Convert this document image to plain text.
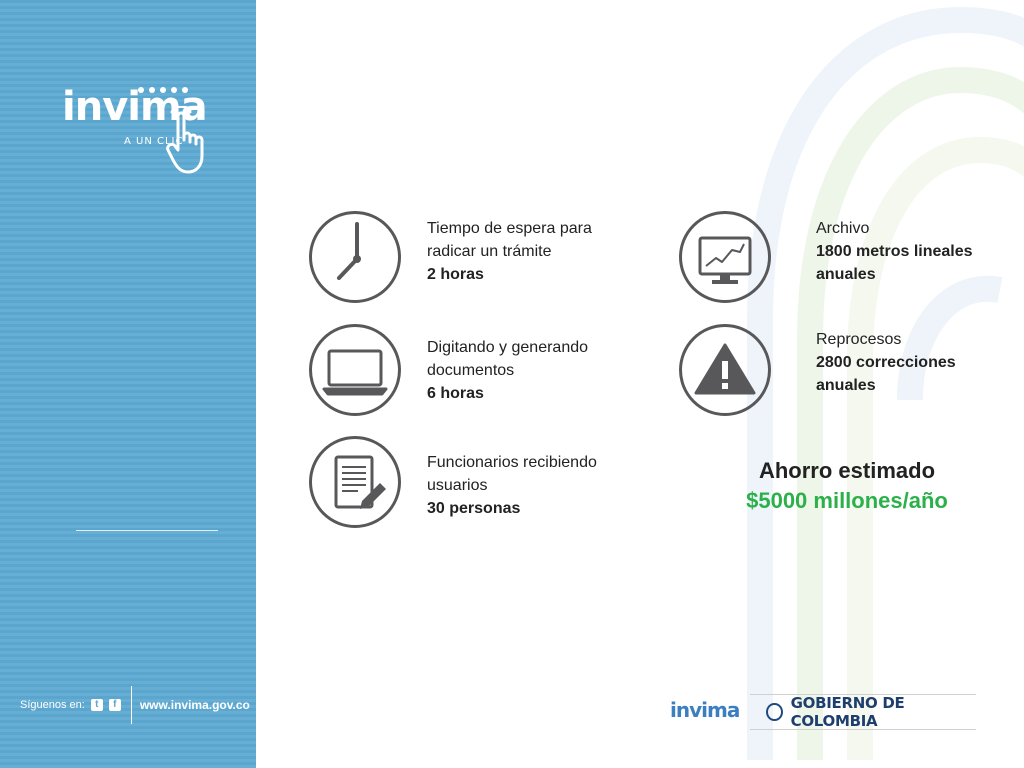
invima
A UN CLIC
Síguenos en:	t	f	www.invima.gov.co
Tiempo de espera para
radicar un trámite
2 horas
Digitando y generando
documentos
6 horas
Funcionarios recibiendo
usuarios
30 personas
Archivo
1800 metros lineales
anuales
Reprocesos
2800 correcciones
anuales
Ahorro estimado
$5000 millones/año
invima	GOBIERNO DE COLOMBIA
